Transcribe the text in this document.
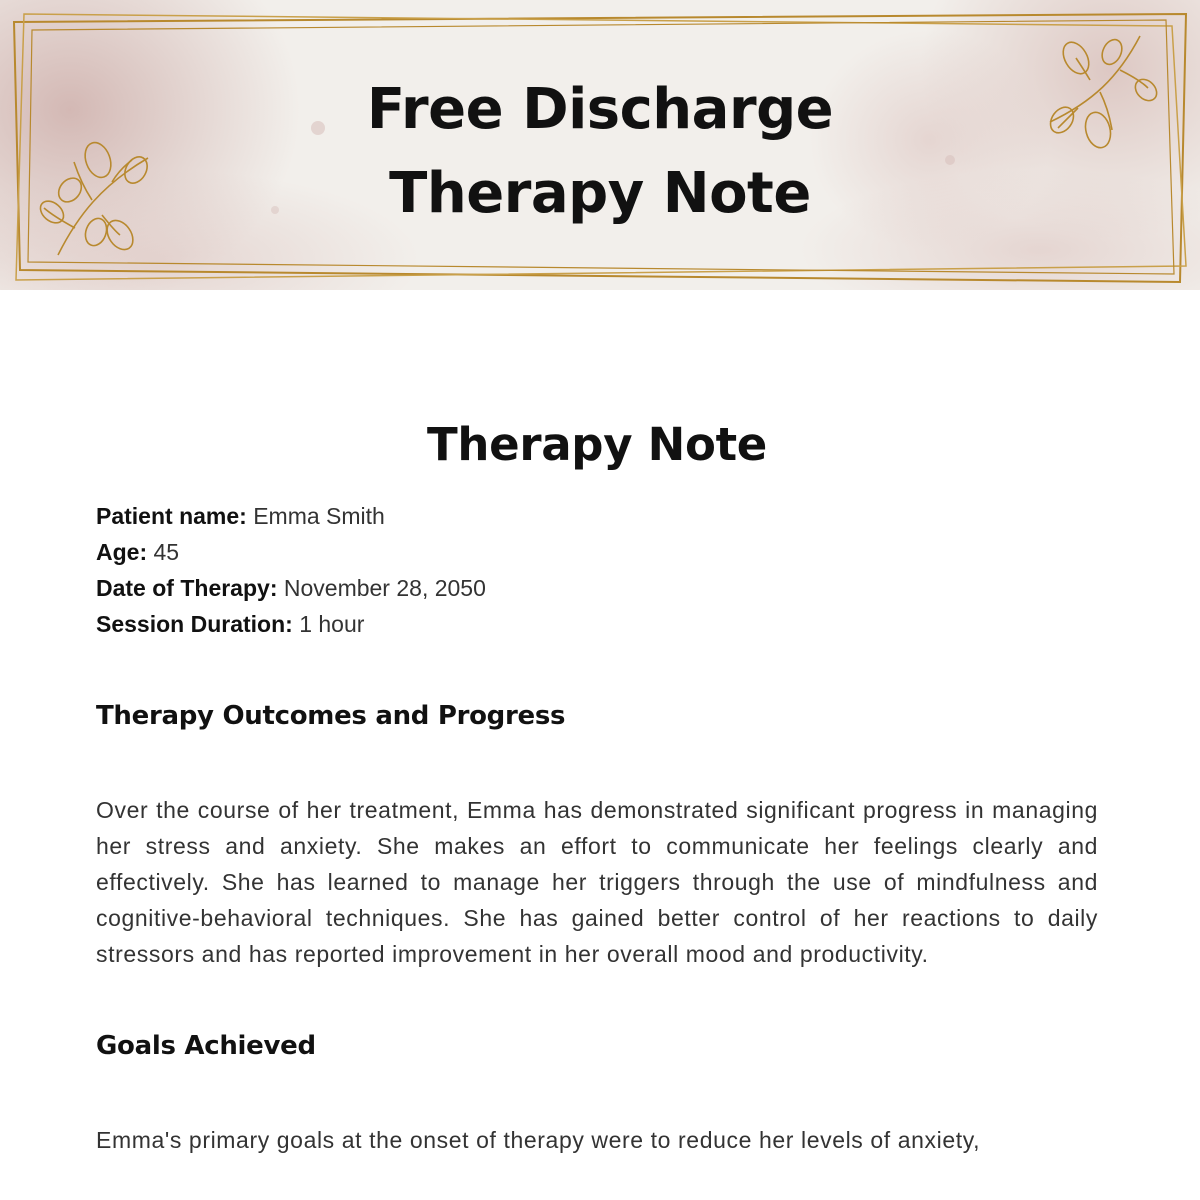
Free Discharge
Therapy Note
Therapy Note
Patient name: Emma Smith
Age: 45
Date of Therapy: November 28, 2050
Session Duration: 1 hour
Therapy Outcomes and Progress

Over the course of her treatment, Emma has demonstrated significant progress in managing her stress and anxiety. She makes an effort to communicate her feelings clearly and effectively. She has learned to manage her triggers through the use of mindfulness and cognitive-behavioral techniques. She has gained better control of her reactions to daily stressors and has reported improvement in her overall mood and productivity.

Goals Achieved

Emma's primary goals at the onset of therapy were to reduce her levels of anxiety,
